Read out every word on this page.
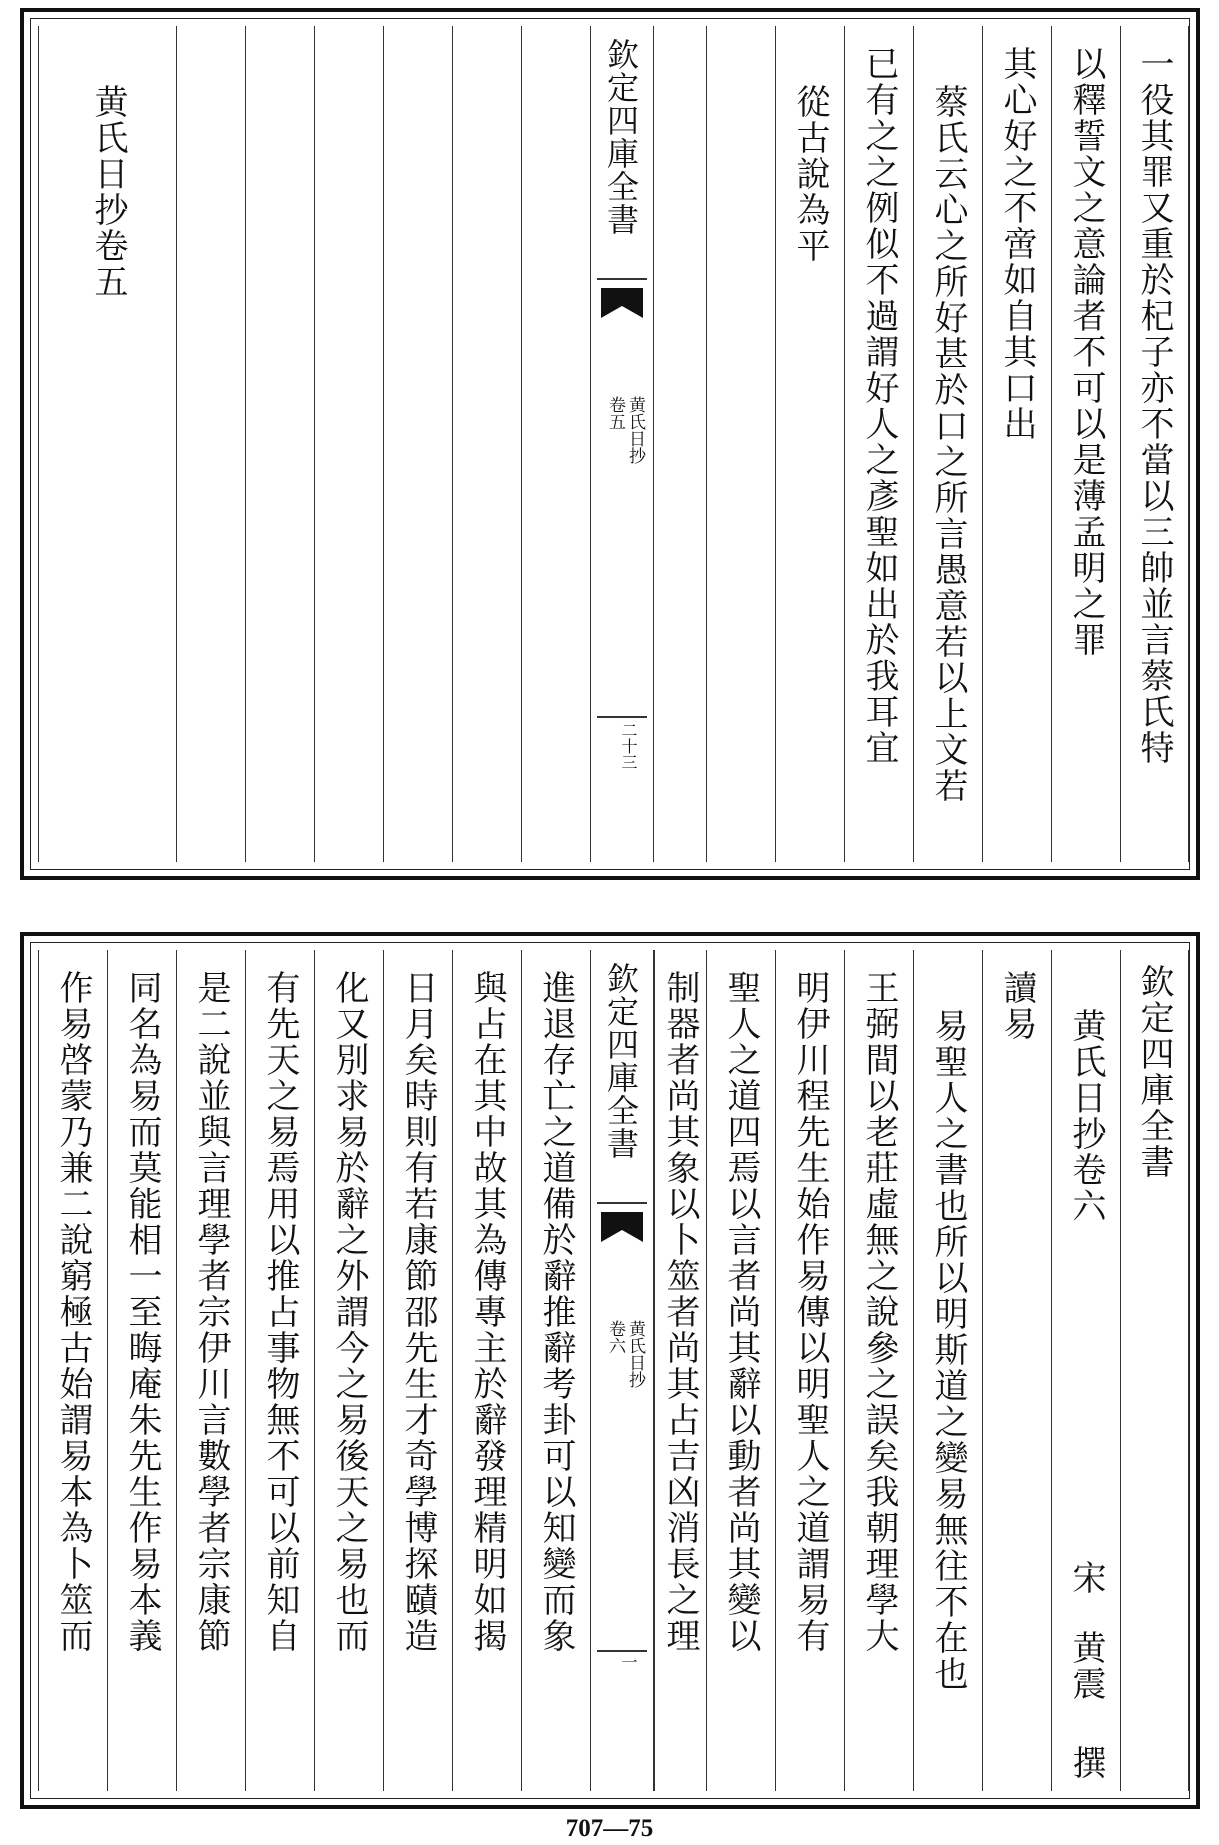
一役其罪又重於杞子亦不當以三帥並言蔡氏特
以釋誓文之意論者不可以是薄孟明之罪
其心好之不啻如自其口出
蔡氏云心之所好甚於口之所言愚意若以上文若
已有之之例似不過謂好人之彥聖如出於我耳宜
從古說為平
欽定四庫全書
黄氏日抄
卷五
二十三
黄氏日抄卷五
欽定四庫全書
黄氏日抄卷六
宋
黄震
撰
讀易
易聖人之書也所以明斯道之變易無往不在也
王弼間以老莊虛無之說參之誤矣我朝理學大
明伊川程先生始作易傳以明聖人之道謂易有
聖人之道四焉以言者尚其辭以動者尚其變以
制器者尚其象以卜筮者尚其占吉凶消長之理
欽定四庫全書
黄氏日抄
卷六
一
進退存亡之道備於辭推辭考卦可以知變而象
與占在其中故其為傳專主於辭發理精明如揭
日月矣時則有若康節邵先生才奇學博探賾造
化又別求易於辭之外謂今之易後天之易也而
有先天之易焉用以推占事物無不可以前知自
是二說並與言理學者宗伊川言數學者宗康節
同名為易而莫能相一至晦庵朱先生作易本義
作易啓蒙乃兼二說窮極古始謂易本為卜筮而
707—75
